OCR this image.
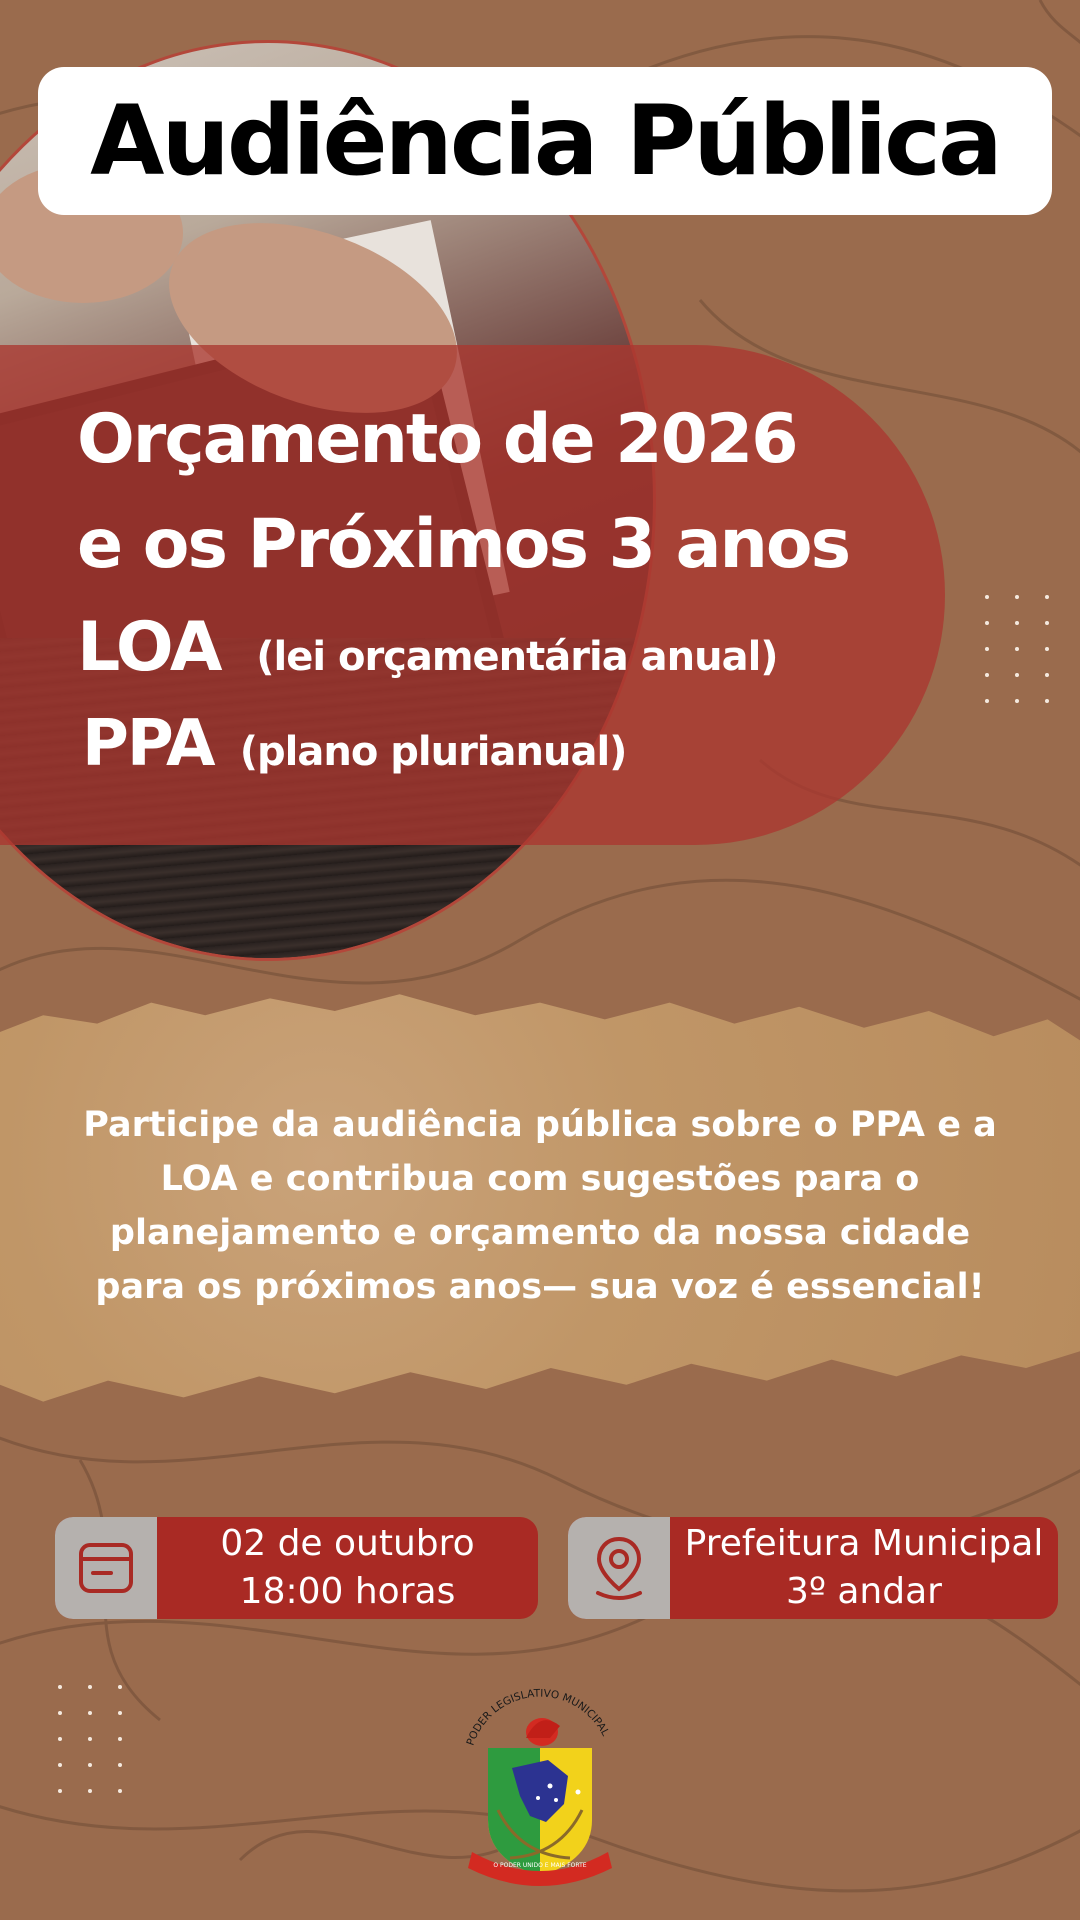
Audiência Pública
Orçamento de 2026
e os Próximos 3 anos
LOA (lei orçamentária anual)
PPA (plano plurianual)
Participe da audiência pública sobre o PPA e a
LOA e contribua com sugestões para o
planejamento e orçamento da nossa cidade
para os próximos anos— sua voz é essencial!
02 de outubro
18:00 horas
Prefeitura Municipal
3º andar
PODER LEGISLATIVO MUNICIPAL
O PODER UNIDO É MAIS FORTE
